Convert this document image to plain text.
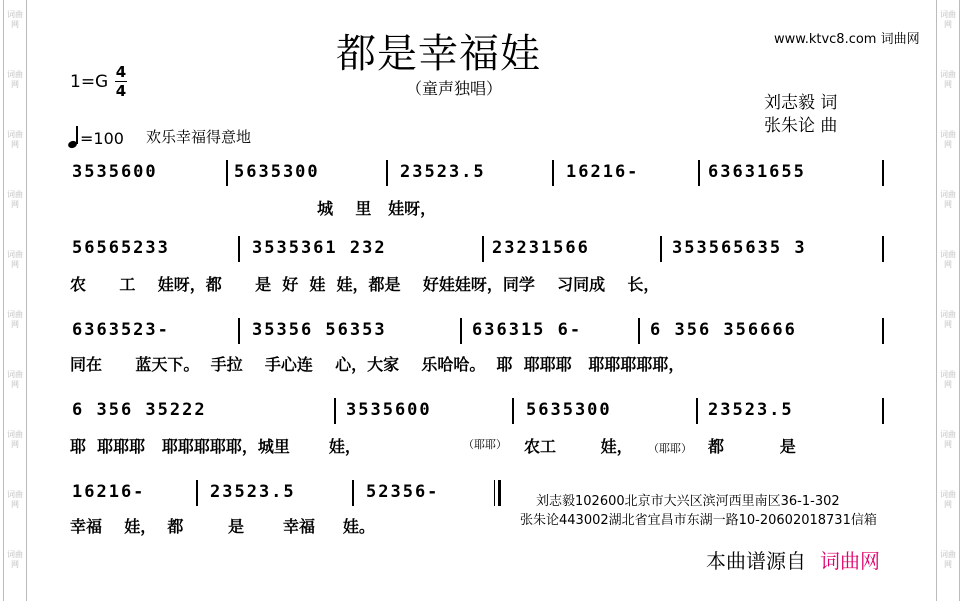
词曲网
词曲网
词曲网
词曲网
词曲网
词曲网
词曲网
词曲网
词曲网
词曲网
词曲网
词曲网
词曲网
词曲网
词曲网
词曲网
词曲网
词曲网
词曲网
词曲网
都是幸福娃
（童声独唱）
www.ktvc8.com 词曲网
1=G 4
4
刘志毅 词
张朱论 曲
=100 欢乐幸福得意地
3535600	5635300	23523.5	16216-	63631655
城    里   娃呀，
56565233	3535361 232	23231566	353565635 3
农      工    娃呀，都      是  好  娃  娃，都是    好娃娃呀，同学    习同成    长，
6363523-	35356 56353	636315 6-	6 356 356666
同在      蓝天下。  手拉    手心连    心，大家    乐哈哈。  耶  耶耶耶   耶耶耶耶耶，
6 356 35222	3535600	5635300	23523.5
耶  耶耶耶   耶耶耶耶耶，城里       娃，	（耶耶） 农工        娃， （耶耶） 都          是
16216-	23523.5	52356-
幸福    娃，  都        是       幸福     娃。
刘志毅102600北京市大兴区滨河西里南区36-1-302
张朱论443002湖北省宜昌市东湖一路10-20602018731信箱
本曲谱源自 词曲网
